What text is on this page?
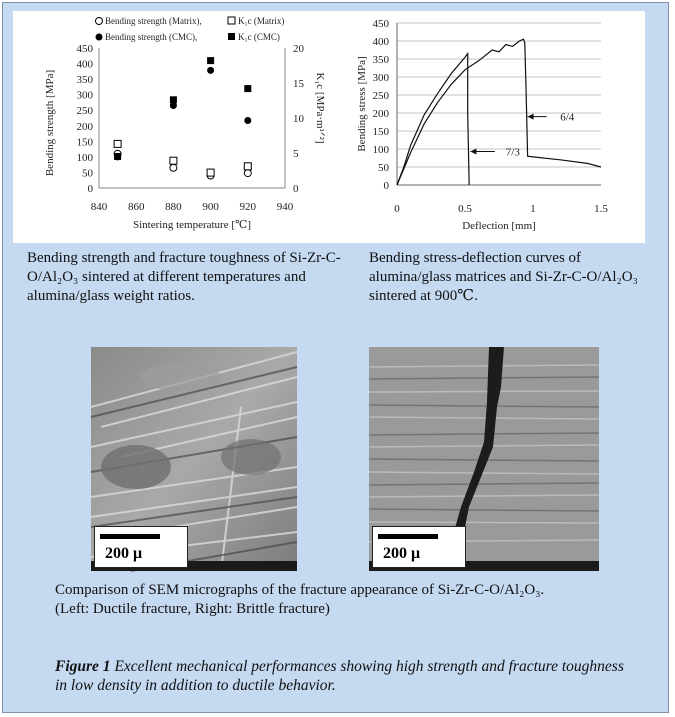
0
50
100
150
200
250
300
350
400
450
0
5
10
15
20
840 860 880 900 920 940
Sintering temperature [℃]
Bending strength [MPa]	K₁c [MPa·m¹ᐟ²]
Bending strength (Matrix),	K₁c (Matrix)
Bending strength (CMC),	K₁c (CMC)
0
50
100
150
200
250
300
350
400
450
0	0.5	1	1.5
Deflection [mm]
Bending stress [MPa]	6/4
7/3
Bending strength and fracture toughness of Si-Zr-C-O/Al₂O₃ sintered at different temperatures and alumina/glass weight ratios.
Bending stress-deflection curves of alumina/glass matrices and Si-Zr-C-O/Al₂O₃ sintered at 900℃.
200 μ	200 μ
Comparison of SEM micrographs of the fracture appearance of Si-Zr-C-O/Al₂O₃.
(Left: Ductile fracture, Right: Brittle fracture)
Figure 1 Excellent mechanical performances showing high strength and fracture toughness in low density in addition to ductile behavior.
